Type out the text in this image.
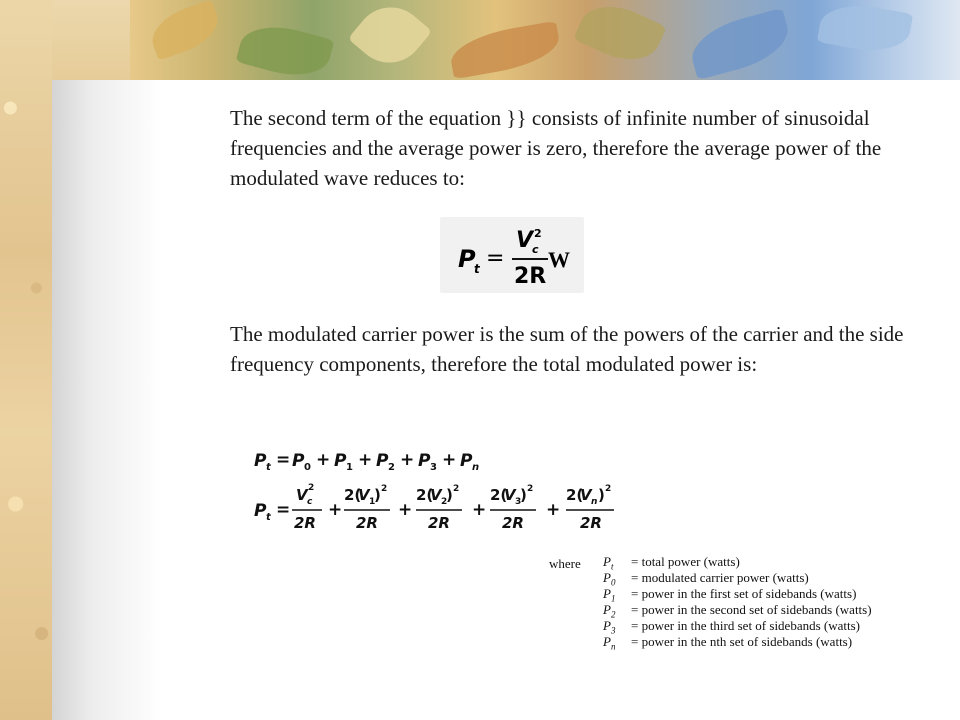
The second term of the equation }} consists of infinite number of sinusoidal frequencies and the average power is zero, therefore the average power of the modulated wave reduces to:

P
t =
V
c
2
2R
W

The modulated carrier power is the sum of the powers of the carrier and the side frequency components, therefore the total modulated power is:

P t = P 0 + P 1 + P 2 + P 3 + P n
P t =
V c
2
2R
+
2(
V 1
) 2
2R
+
2(
V 2
) 2
2R
+
2(
V 3
) 2
2R
+
2(
V n ) 2
2R
where $P_t$ = total power (watts)
$P_0$ = modulated carrier power (watts)
$P_1$ = power in the first set of sidebands (watts)
$P_2$ = power in the second set of sidebands (watts)
$P_3$ = power in the third set of sidebands (watts)
$P_n$ = power in the nth set of sidebands (watts)
P_t = P_0 + P_1 + P_2 + P_3 + P_n
P_t = V_c^2/2R + 2(V_1)^2/2R + 2(V_2)^2/2R + 2(V_3)^2/2R + 2(V_n)^2/2R
